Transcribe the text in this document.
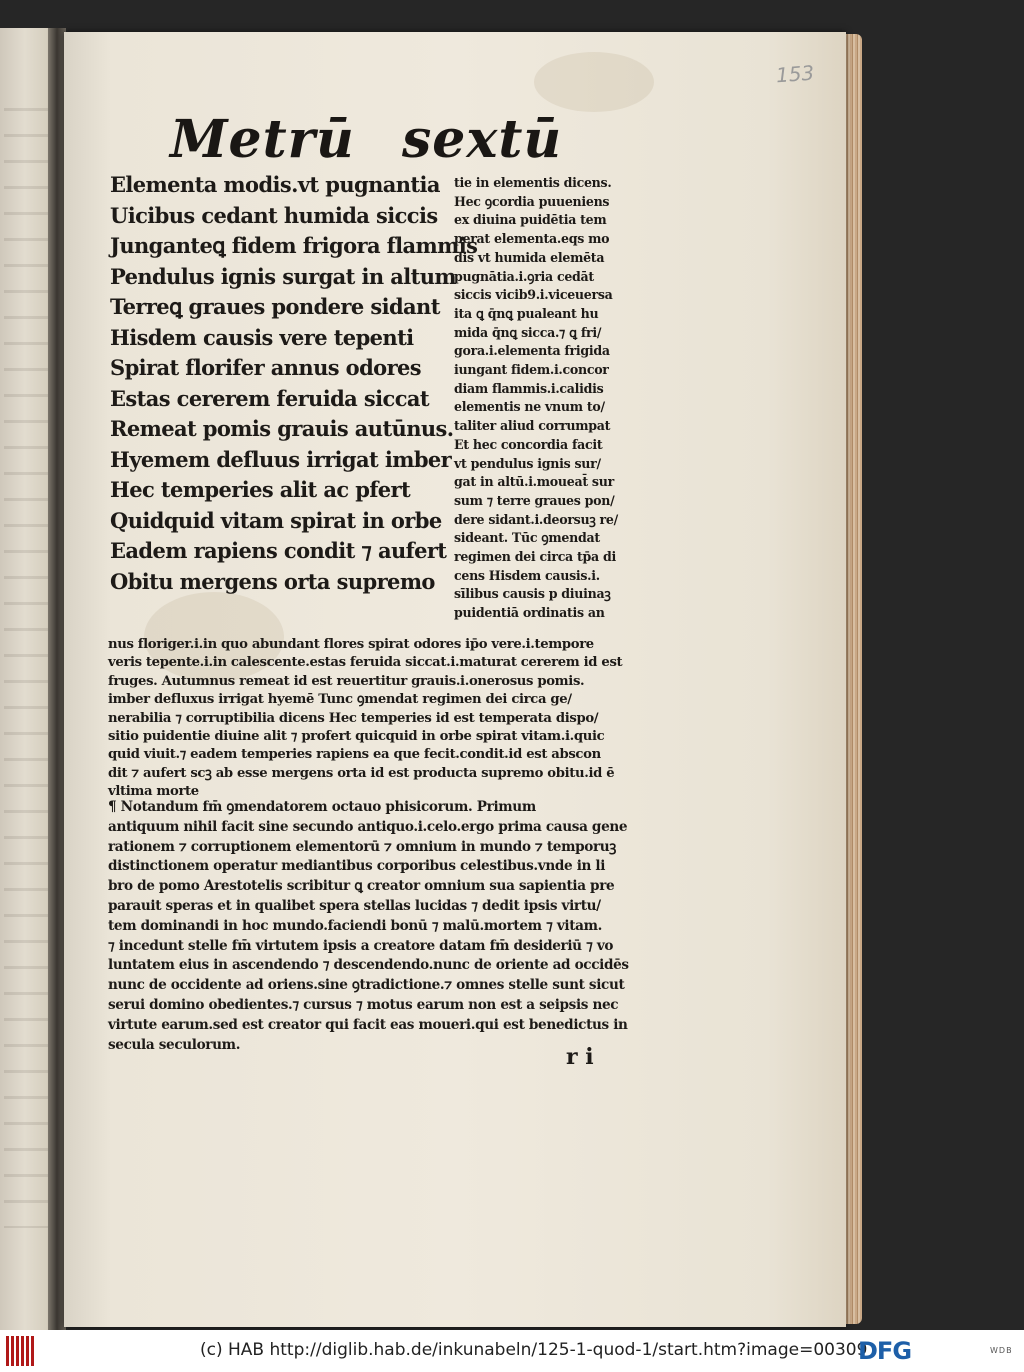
153
Metrū sextū
Elementa modis.vt pugnantia
Uicibus cedant humida siccis
Junganteꝗ fidem frigora flammis
Pendulus ignis surgat in altum
Terreꝗ graues pondere sidant
Hisdem causis vere tepenti
Spirat florifer annus odores
Estas cererem feruida siccat
Remeat pomis grauis autūnus.
Hyemem defluus irrigat imber
Hec temperies alit ac pfert
Quidquid vitam spirat in orbe
Eadem rapiens condit ⁊ aufert
Obitu mergens orta supremo
tie in elementis dicens.
Hec ꝯcordia puueniens
ex diuina puidētia tem
perat elementa.eqs mo
dis vt humida elemēta
pugnātia.i.ꝯria cedāt
siccis vicib9.i.viceuersa
ita ꝗ q̄nꝗ pualeant hu
mida q̄nꝗ sicca.⁊ ꝗ fri/
gora.i.elementa frigida
iungant fidem.i.concor
diam flammis.i.calidis
elementis ne vnum to/
taliter aliud corrumpat
Et hec concordia facit
vt pendulus ignis sur/
gat in altū.i.moueat̄ sur
sum ⁊ terre graues pon/
dere sidant.i.deorsuꝫ re/
sideant. Tūc ꝯmendat
regimen dei circa tp̄a di
cens Hisdem causis.i.
sīlibus causis p diuinaꝫ
puidentiā ordinatis an
nus floriger.i.in quo abundant flores spirat odores ip̄o vere.i.tempore
veris tepente.i.in calescente.estas feruida siccat.i.maturat cererem id est
fruges. Autumnus remeat id est reuertitur grauis.i.onerosus pomis.
imber defluxus irrigat hyemē Tunc ꝯmendat regimen dei circa ge/
nerabilia ⁊ corruptibilia dicens Hec temperies id est temperata dispo/
sitio puidentie diuine alit ⁊ profert quicquid in orbe spirat vitam.i.quic
quid viuit.⁊ eadem temperies rapiens ea que fecit.condit.id est abscon
dit ⁊ aufert scꝫ ab esse mergens orta id est producta supremo obitu.id ē
vltima morte
¶ Notandum fm̄ ꝯmendatorem octauo phisicorum. Primum
antiquum nihil facit sine secundo antiquo.i.celo.ergo prima causa gene
rationem ⁊ corruptionem elementorū ⁊ omnium in mundo ⁊ temporuꝫ
distinctionem operatur mediantibus corporibus celestibus.vnde in li
bro de pomo Arestotelis scribitur ꝗ creator omnium sua sapientia pre
parauit speras et in qualibet spera stellas lucidas ⁊ dedit ipsis virtu/
tem dominandi in hoc mundo.faciendi bonū ⁊ malū.mortem ⁊ vitam.
⁊ incedunt stelle fm̄ virtutem ipsis a creatore datam fm̄ desideriū ⁊ vo
luntatem eius in ascendendo ⁊ descendendo.nunc de oriente ad occidēs
nunc de occidente ad oriens.sine ꝯtradictione.⁊ omnes stelle sunt sicut
serui domino obedientes.⁊ cursus ⁊ motus earum non est a seipsis nec
virtute earum.sed est creator qui facit eas moueri.qui est benedictus in
secula seculorum.	r i
(c) HAB http://diglib.hab.de/inkunabeln/125-1-quod-1/start.htm?image=00309
DFG	WDB
